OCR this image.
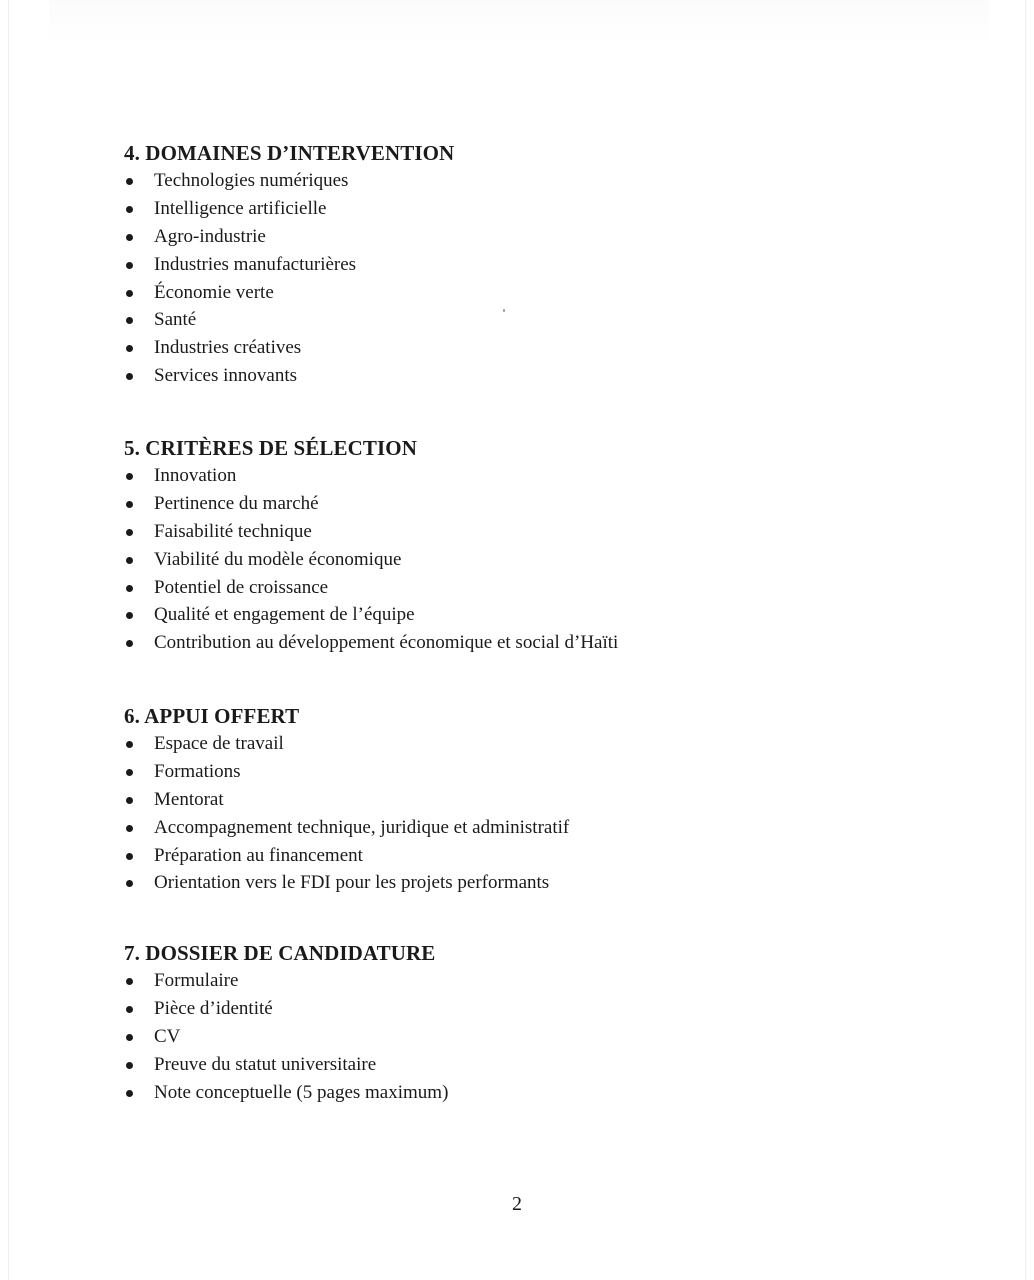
4. DOMAINES D’INTERVENTION
Technologies numériques
Intelligence artificielle
Agro-industrie
Industries manufacturières
Économie verte
Santé
Industries créatives
Services innovants
5. CRITÈRES DE SÉLECTION
Innovation
Pertinence du marché
Faisabilité technique
Viabilité du modèle économique
Potentiel de croissance
Qualité et engagement de l’équipe
Contribution au développement économique et social d’Haïti
6. APPUI OFFERT
Espace de travail
Formations
Mentorat
Accompagnement technique, juridique et administratif
Préparation au financement
Orientation vers le FDI pour les projets performants
7. DOSSIER DE CANDIDATURE
Formulaire
Pièce d’identité
CV
Preuve du statut universitaire
Note conceptuelle (5 pages maximum)
2
